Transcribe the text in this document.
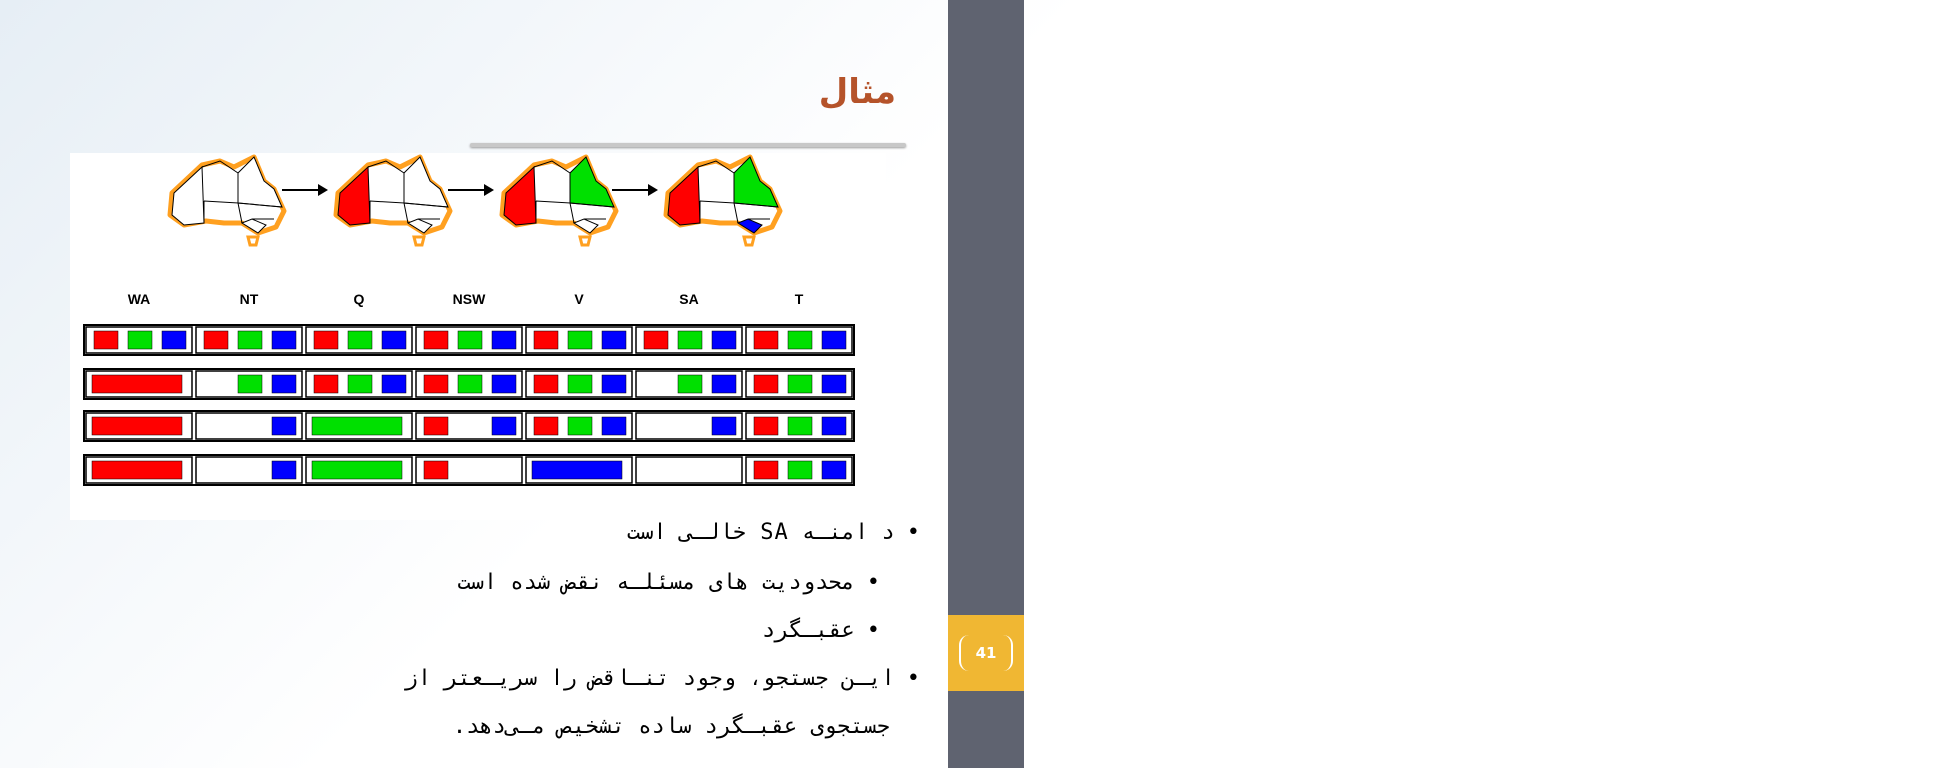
hd.dehghan@gmail.com
حسین دهقان
41
مثال
WA	NT	Q	NSW	V	SA	T
•د امنـه SA خالـی است
•محدودیت های مسئلـه نقض شده است
•عقبـگرد
•ایـن جستجو، وجود تنـاقض را سریـعتر از
جستجوی عقبـگرد ساده تشخیص مـی‌دهد.
